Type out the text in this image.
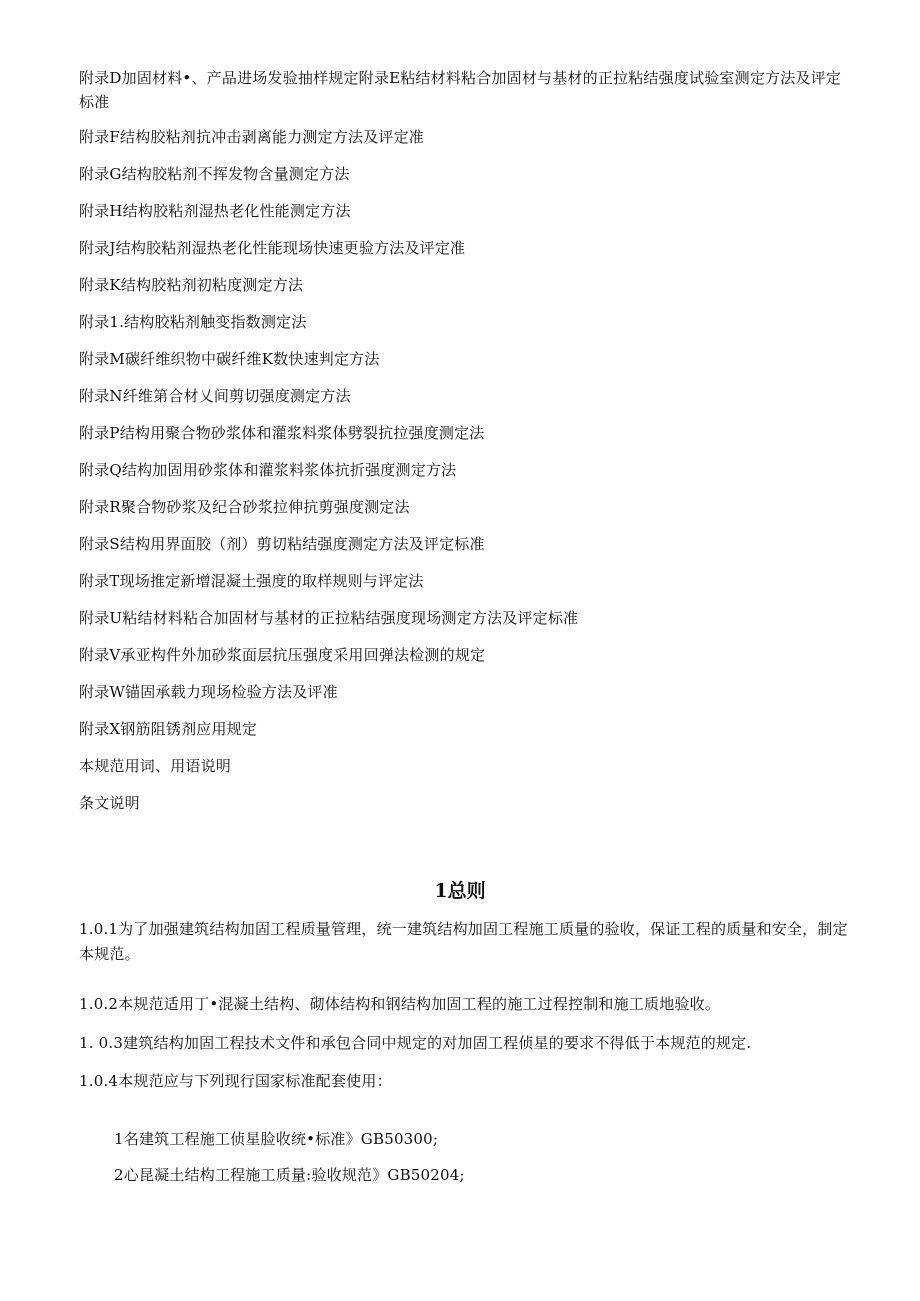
附录D加固材料•、产品进场发验抽样规定附录E粘结材料粘合加固材与基材的正拉粘结强度试验室测定方法及评定标准
附录F结构胶粘剂抗冲击剥离能力测定方法及评定准
附录G结构胶粘剂不挥发物含量测定方法
附录H结构胶粘剂湿热老化性能测定方法
附录J结构胶粘剂湿热老化性能现场快速更验方法及评定准
附录K结构胶粘剂初粘度测定方法
附录1.结构胶粘剂触变指数测定法
附录M碳纤维织物中碳纤维K数快速判定方法
附录N纤维第合材乂间剪切强度测定方法
附录P结构用聚合物砂浆体和灌浆料浆体劈裂抗拉强度测定法
附录Q结构加固用砂浆体和灌浆料浆体抗折强度测定方法
附录R聚合物砂浆及纪合砂浆拉伸抗剪强度测定法
附录S结构用界面胶（剂）剪切粘结强度测定方法及评定标准
附录T现场推定新增混凝土强度的取样规则与评定法
附录U粘结材料粘合加固材与基材的正拉粘结强度现场测定方法及评定标准
附录V承亚构件外加砂浆面层抗压强度采用回弹法检测的规定
附录W锚固承载力现场检验方法及评准
附录X钢筋阻锈剂应用规定
本规范用词、用语说明
条文说明
1总则

1.0.1为了加强建筑结构加固工程质量管理，统一建筑结构加固工程施工质量的验收，保证工程的质量和安全，制定本规范。

1.0.2本规范适用丁•混凝土结构、砌体结构和钢结构加固工程的施工过程控制和施工质地验收。

1. 0.3建筑结构加固工程技术文件和承包合同中规定的对加固工程侦星的要求不得低于本规范的规定.

1.0.4本规范应与下列现行国家标准配套使用：

1名建筑工程施工侦星脸收统•标准》GB50300;

2心昆凝土结构工程施工质量:验收规范》GB50204;
